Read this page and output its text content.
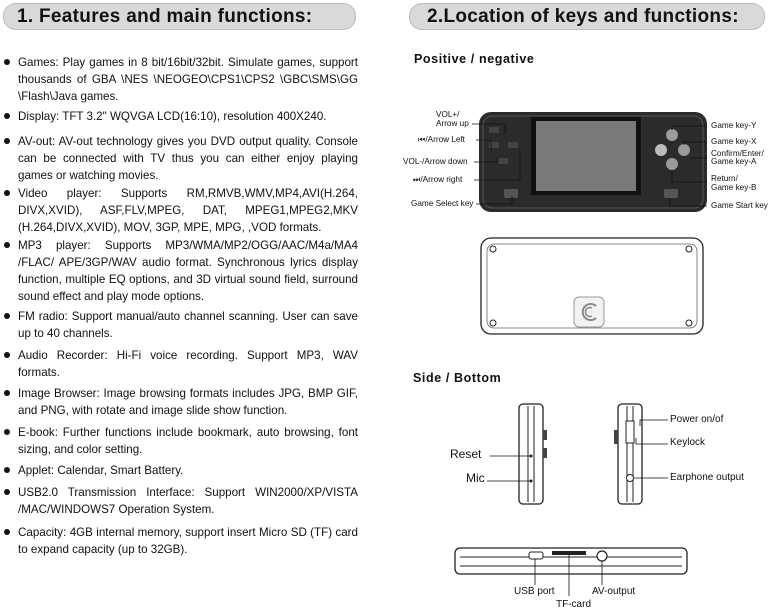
1. Features and main functions:	2.Location of keys and functions:
Games: Play games in 8 bit/16bit/32bit. Simulate games, support thousands of GBA \NES \NEOGEO\CPS1\CPS2 \GBC\SMS\GG \Flash\Java games.
Display: TFT 3.2" WQVGA LCD(16:10), resolution 400X240.
AV-out: AV-out technology gives you DVD output quality. Console can be connected with TV thus you can either enjoy playing games or watching movies.
Video player: Supports RM,RMVB,WMV,MP4,AVI(H.264, DIVX,XVID), ASF,FLV,MPEG, DAT, MPEG1,MPEG2,MKV (H.264,DIVX,XVID), MOV, 3GP, MPE, MPG, ,VOD formats.
MP3 player: Supports MP3/WMA/MP2/OGG/AAC/M4a/MA4 /FLAC/ APE/3GP/WAV audio format. Synchronous lyrics display function, multiple EQ options, and 3D virtual sound field, surround sound effect and play mode options.
FM radio: Support manual/auto channel scanning. User can save up to 40 channels.
Audio Recorder: Hi-Fi voice recording. Support MP3, WAV formats.
Image Browser: Image browsing formats includes JPG, BMP GIF, and PNG, with rotate and image slide show function.
E-book: Further functions include bookmark, auto browsing, font sizing, and color setting.
Applet: Calendar, Smart Battery.
USB2.0 Transmission Interface: Support WIN2000/XP/VISTA /MAC/WINDOWS7 Operation System.
Capacity: 4GB internal memory, support insert Micro SD (TF) card to expand capacity (up to 32GB).
Positive / negative
Side / Bottom
VOL+/
Arrow up
⏮/Arrow Left
VOL-/Arrow down
⏭/Arrow right
Game Select key
Game key-Y
Game key-X
Confirm/Enter/
Game key-A
Return/
Game key-B
Game Start key
Reset
Mic
Power on/of
Keylock
Earphone output
USB port	AV-output
TF-card
